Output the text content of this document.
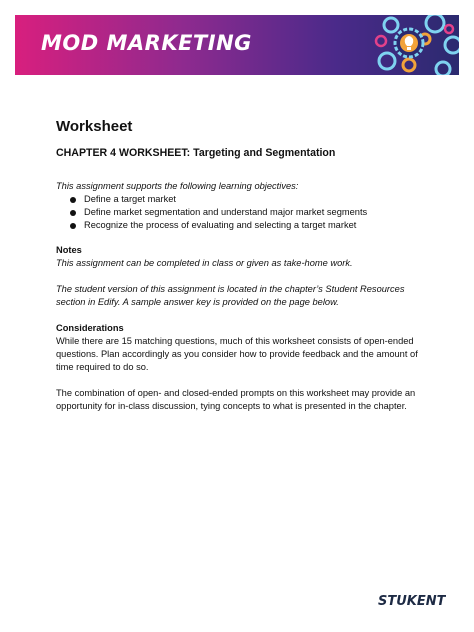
MOD MARKETING
Worksheet
CHAPTER 4 WORKSHEET: Targeting and Segmentation

This assignment supports the following learning objectives:

Define a target market
Define market segmentation and understand major market segments
Recognize the process of evaluating and selecting a target market

Notes

This assignment can be completed in class or given as take-home work.

The student version of this assignment is located in the chapter’s Student Resources section in Edify. A sample answer key is provided on the page below.

Considerations

While there are 15 matching questions, much of this worksheet consists of open-ended questions. Plan accordingly as you consider how to provide feedback and the amount of time required to do so.

The combination of open- and closed-ended prompts on this worksheet may provide an opportunity for in-class discussion, tying concepts to what is presented in the chapter.

STUKENT
